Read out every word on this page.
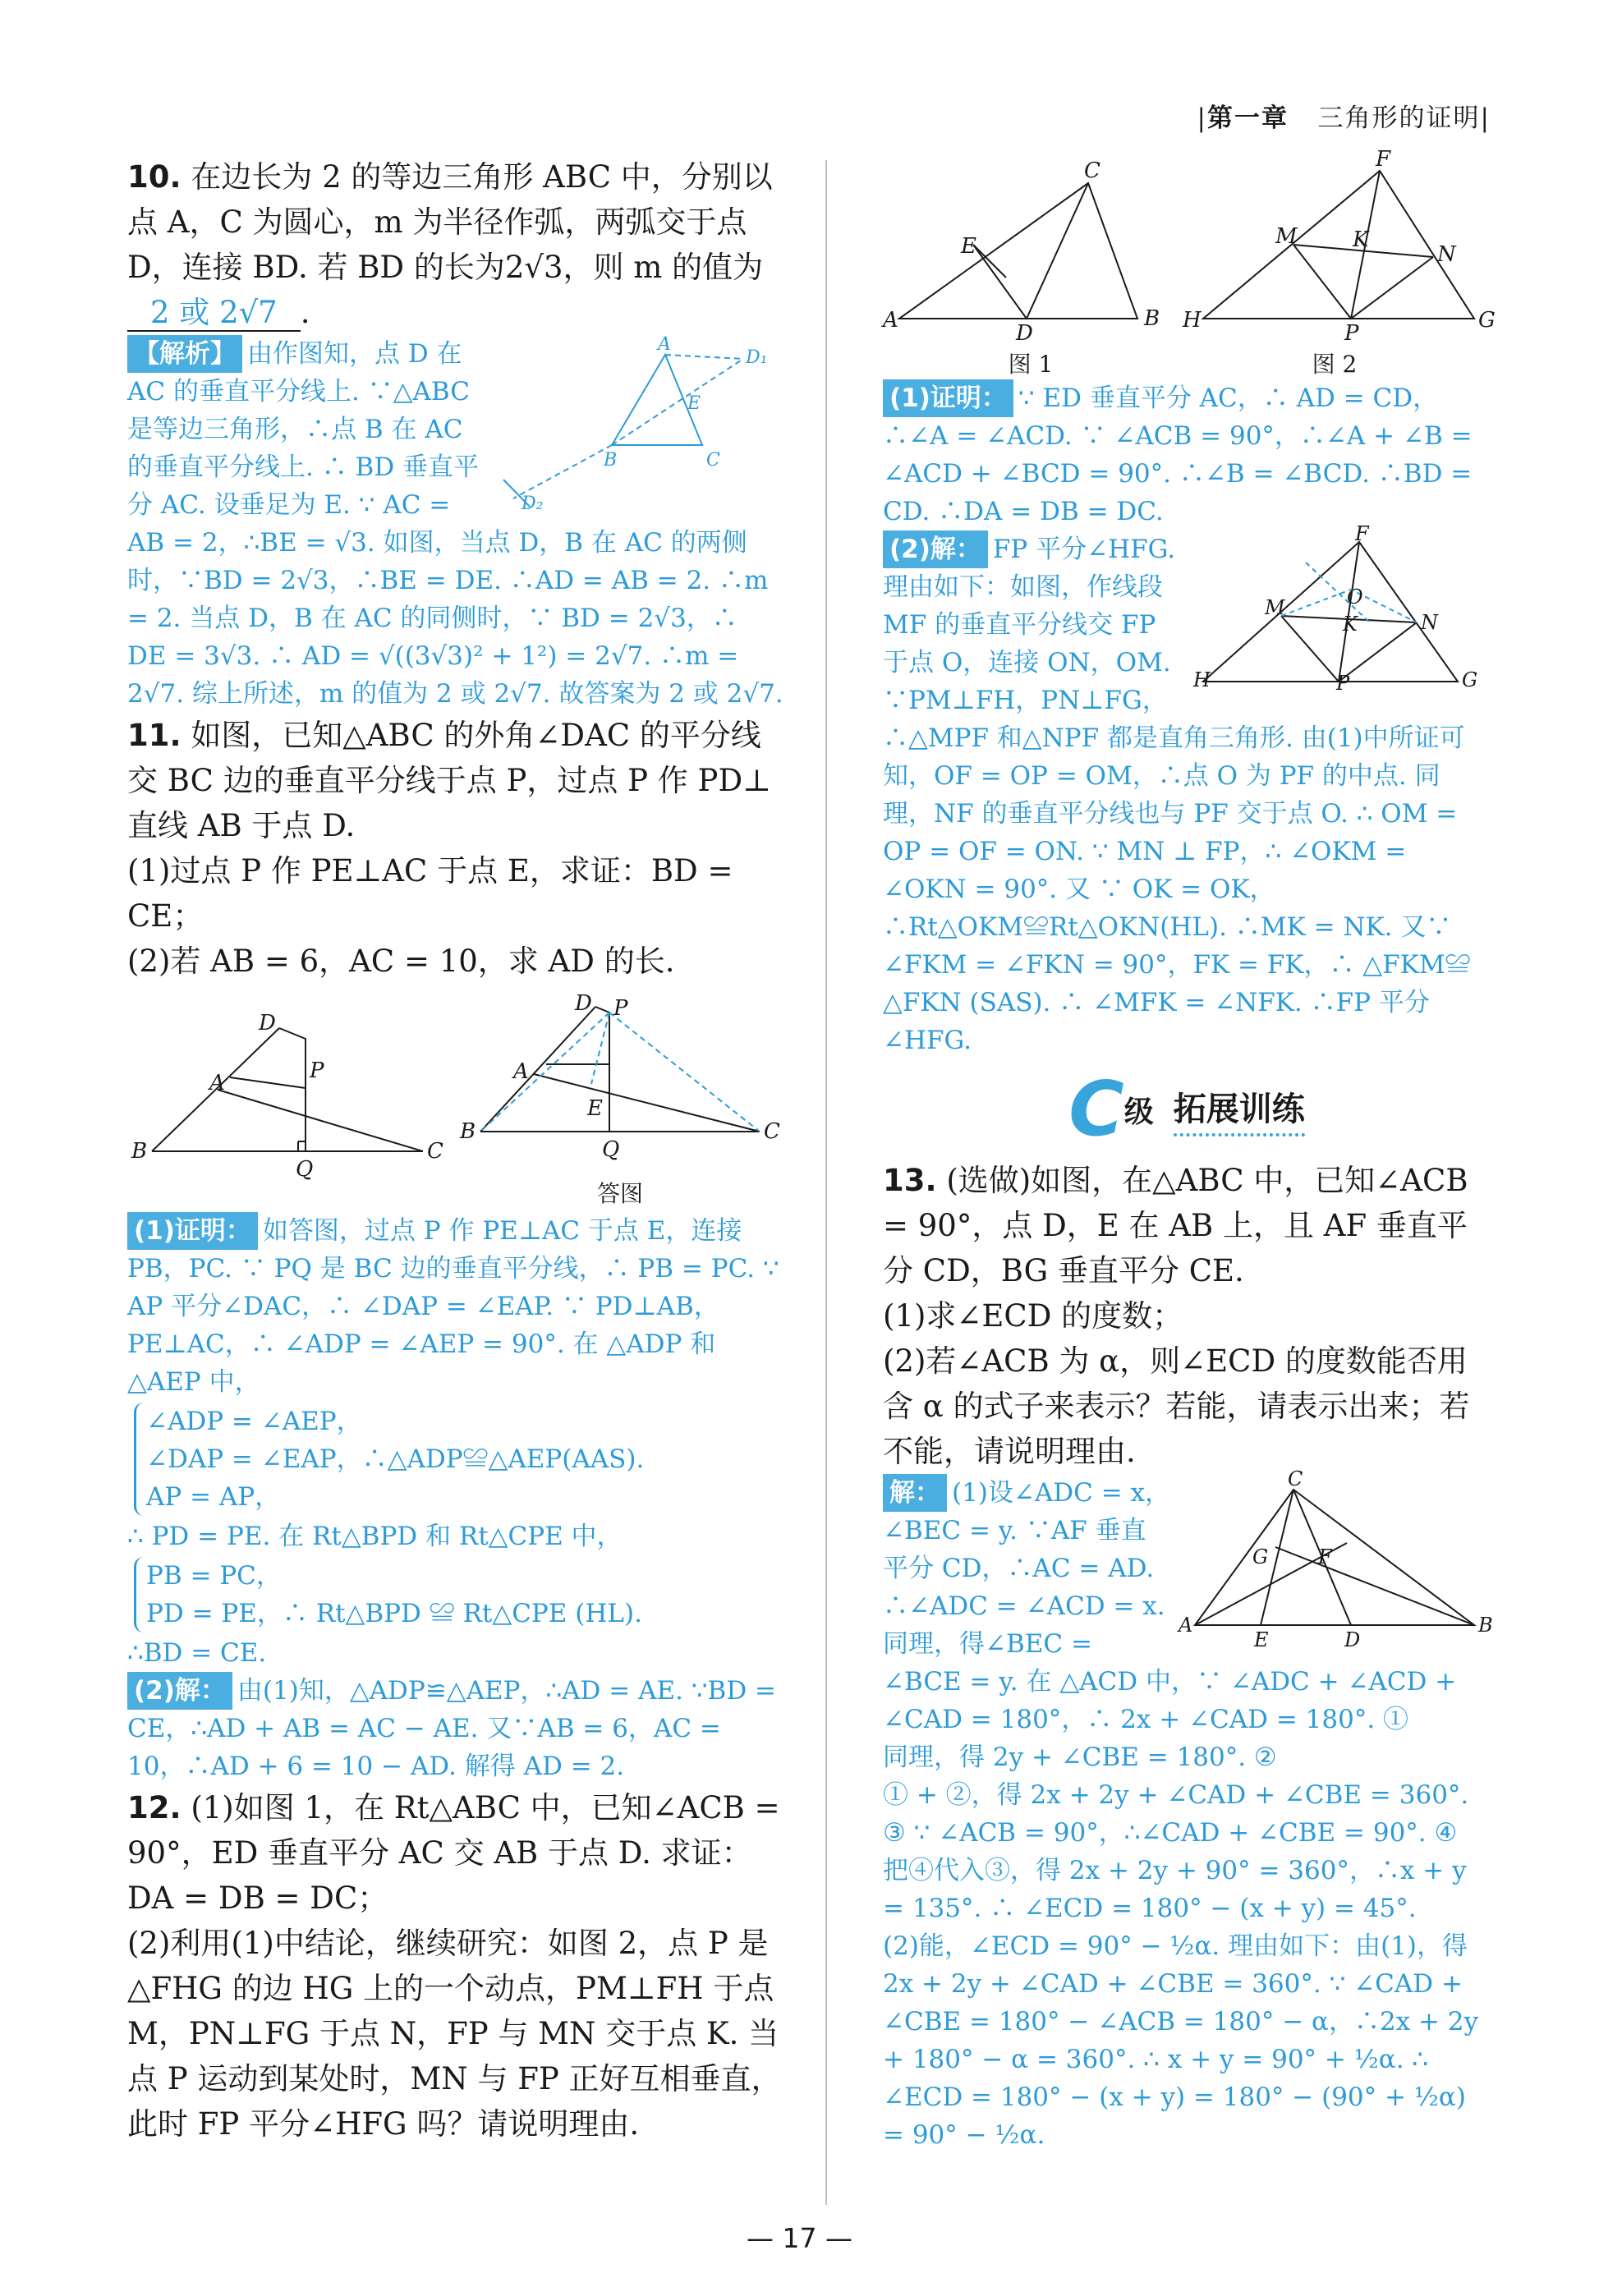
|第一章 三角形的证明|
10. 在边长为 2 的等边三角形 ABC 中，分别以点 A，C 为圆心，m 为半径作弧，两弧交于点 D，连接 BD. 若 BD 的长为2√3，则 m 的值为 2 或 2√7 .
A
B	C
E
D₁
D₂
【解析】 由作图知，点 D 在 AC 的垂直平分线上. ∵△ABC 是等边三角形，∴点 B 在 AC 的垂直平分线上. ∴ BD 垂直平分 AC. 设垂足为 E. ∵ AC = AB = 2，∴BE = √3. 如图，当点 D，B 在 AC 的两侧时，∵BD = 2√3，∴BE = DE. ∴AD = AB = 2. ∴m = 2. 当点 D，B 在 AC 的同侧时，∵ BD = 2√3，∴ DE = 3√3. ∴ AD = √((3√3)² + 1²) = 2√7. ∴m = 2√7. 综上所述，m 的值为 2 或 2√7. 故答案为 2 或 2√7.

11. 如图，已知△ABC 的外角∠DAC 的平分线交 BC 边的垂直平分线于点 P，过点 P 作 PD⊥直线 AB 于点 D.

(1)过点 P 作 PE⊥AC 于点 E，求证：BD = CE；

(2)若 AB = 6，AC = 10，求 AD 的长.

D
A	P
B	C
Q
D P
A
E
B	C
Q
答图

(1)证明： 如答图，过点 P 作 PE⊥AC 于点 E，连接 PB，PC. ∵ PQ 是 BC 边的垂直平分线，∴ PB = PC. ∵ AP 平分∠DAC，∴ ∠DAP = ∠EAP. ∵ PD⊥AB，PE⊥AC，∴ ∠ADP = ∠AEP = 90°. 在 △ADP 和 △AEP 中，

∠ADP = ∠AEP，

∠DAP = ∠EAP，∴△ADP≌△AEP(AAS).

AP = AP，

∴ PD = PE. 在 Rt△BPD 和 Rt△CPE 中，

PB = PC，

PD = PE，∴ Rt△BPD ≌ Rt△CPE (HL).

∴BD = CE.

(2)解： 由(1)知，△ADP≌△AEP，∴AD = AE. ∵BD = CE，∴AD + AB = AC − AE. 又∵AB = 6，AC = 10，∴AD + 6 = 10 − AD. 解得 AD = 2.

12. (1)如图 1，在 Rt△ABC 中，已知∠ACB = 90°，ED 垂直平分 AC 交 AB 于点 D. 求证：DA = DB = DC；

(2)利用(1)中结论，继续研究：如图 2，点 P 是△FHG 的边 HG 上的一个动点，PM⊥FH 于点 M，PN⊥FG 于点 N，FP 与 MN 交于点 K. 当点 P 运动到某处时，MN 与 FP 正好互相垂直，此时 FP 平分∠HFG 吗？请说明理由.

A
C
B
E
D
图 1
F
M	K
N
H	G
P
图 2

(1)证明： ∵ ED 垂直平分 AC，∴ AD = CD，∴∠A = ∠ACD. ∵ ∠ACB = 90°，∴∠A + ∠B = ∠ACD + ∠BCD = 90°. ∴∠B = ∠BCD. ∴BD = CD. ∴DA = DB = DC.

F
M	O
K	N
H	G
P

(2)解： FP 平分∠HFG. 理由如下：如图，作线段 MF 的垂直平分线交 FP 于点 O，连接 ON，OM. ∵PM⊥FH，PN⊥FG，∴△MPF 和△NPF 都是直角三角形. 由(1)中所证可知，OF = OP = OM，∴点 O 为 PF 的中点. 同理，NF 的垂直平分线也与 PF 交于点 O. ∴ OM = OP = OF = ON. ∵ MN ⊥ FP，∴ ∠OKM = ∠OKN = 90°. 又 ∵ OK = OK，∴Rt△OKM≌Rt△OKN(HL). ∴MK = NK. 又∵ ∠FKM = ∠FKN = 90°，FK = FK，∴ △FKM≌ △FKN (SAS). ∴ ∠MFK = ∠NFK. ∴FP 平分∠HFG.

C 级 拓展训练

13. (选做)如图，在△ABC 中，已知∠ACB = 90°，点 D，E 在 AB 上，且 AF 垂直平分 CD，BG 垂直平分 CE.

(1)求∠ECD 的度数；

(2)若∠ACB 为 α，则∠ECD 的度数能否用含 α 的式子来表示？若能，请表示出来；若不能，请说明理由.

C
A	B
G	F
E	D

解： (1)设∠ADC = x，∠BEC = y. ∵AF 垂直平分 CD，∴AC = AD. ∴∠ADC = ∠ACD = x. 同理，得∠BEC = ∠BCE = y. 在 △ACD 中，∵ ∠ADC + ∠ACD + ∠CAD = 180°，∴ 2x + ∠CAD = 180°. ①

同理，得 2y + ∠CBE = 180°. ②

① + ②，得 2x + 2y + ∠CAD + ∠CBE = 360°. ③ ∵ ∠ACB = 90°，∴∠CAD + ∠CBE = 90°. ④ 把④代入③，得 2x + 2y + 90° = 360°，∴x + y = 135°. ∴ ∠ECD = 180° − (x + y) = 45°.

(2)能，∠ECD = 90° − ½α. 理由如下：由(1)，得 2x + 2y + ∠CAD + ∠CBE = 360°. ∵ ∠CAD + ∠CBE = 180° − ∠ACB = 180° − α，∴2x + 2y + 180° − α = 360°. ∴ x + y = 90° + ½α. ∴ ∠ECD = 180° − (x + y) = 180° − (90° + ½α) = 90° − ½α.

— 17 —
